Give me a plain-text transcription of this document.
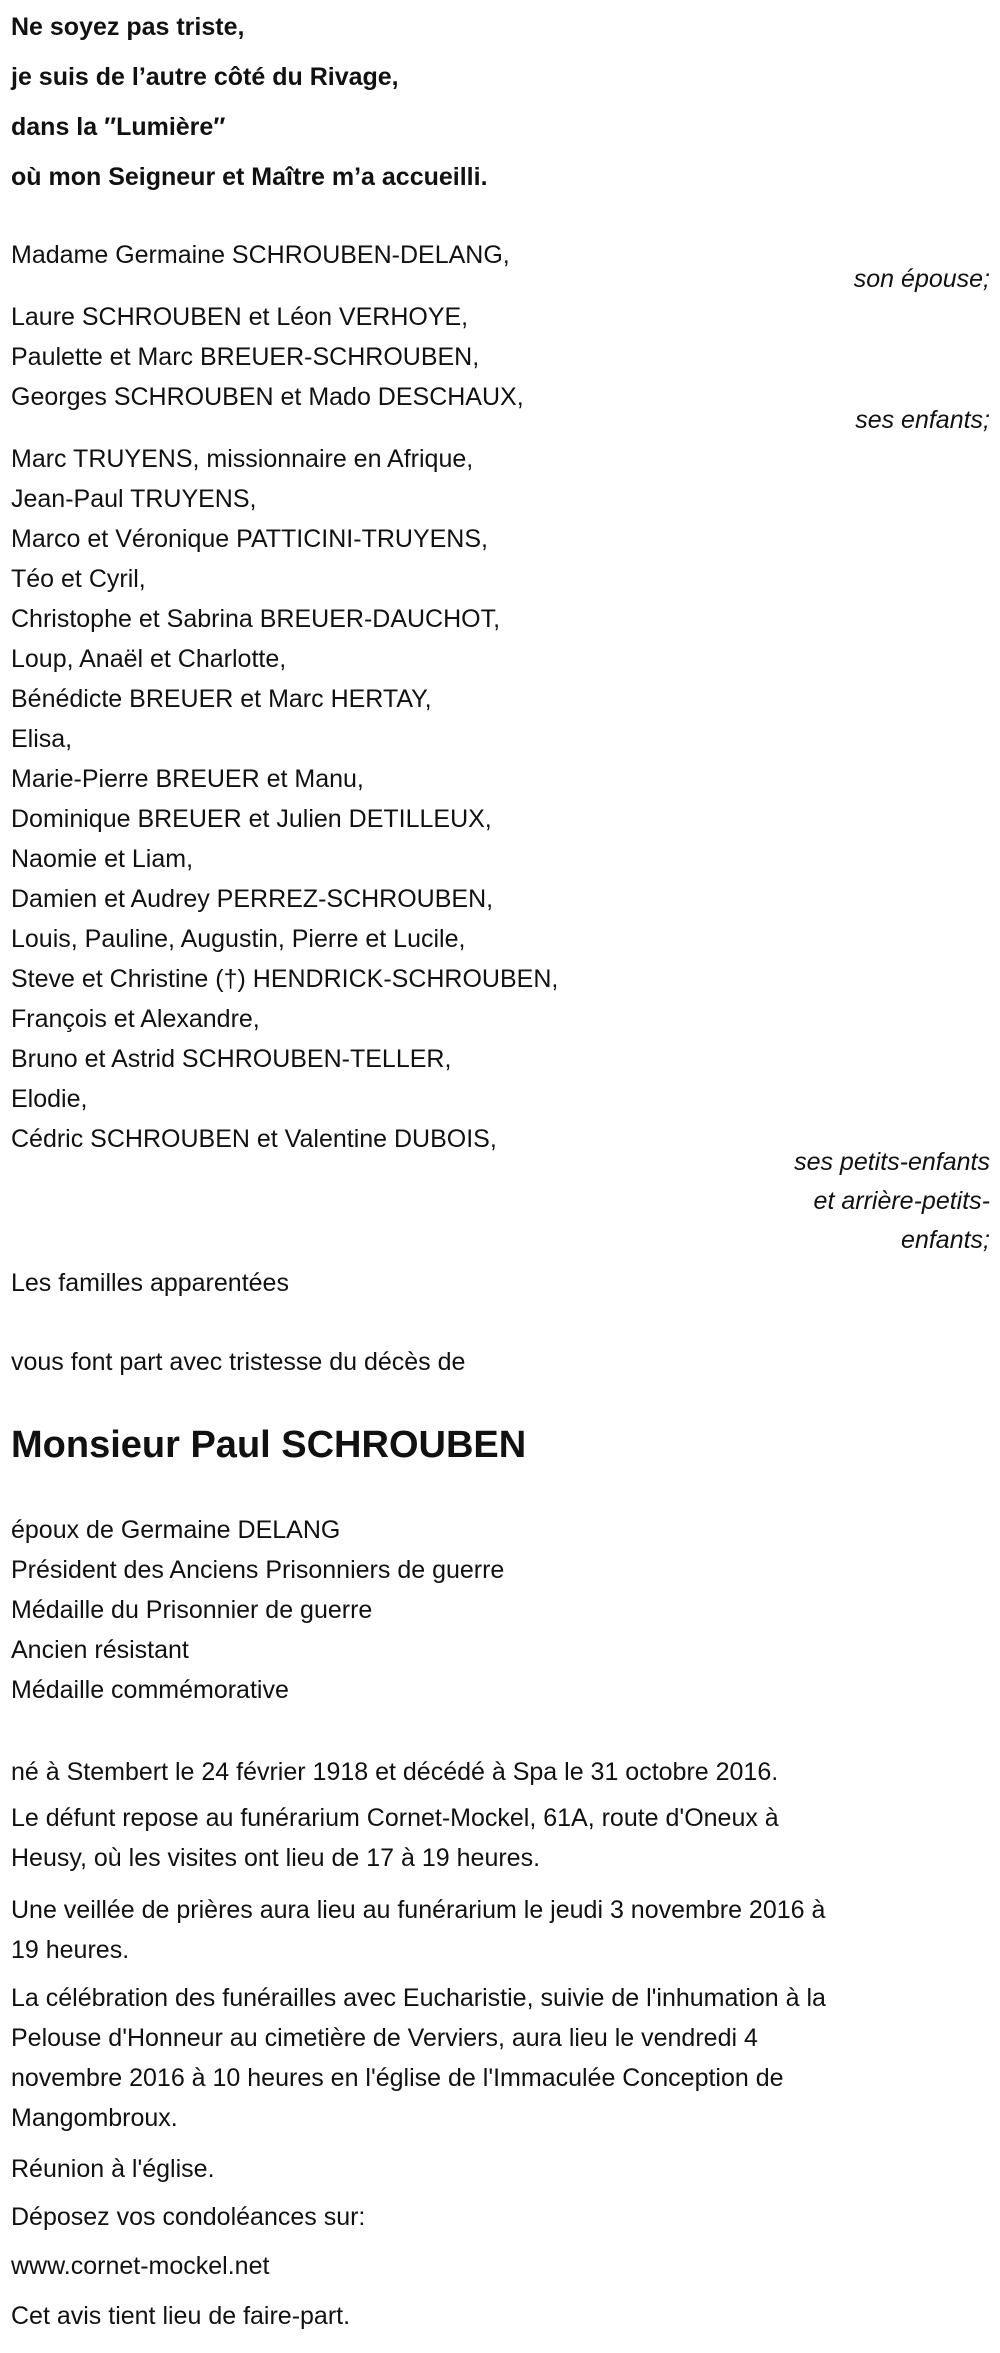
Ne soyez pas triste,
je suis de l’autre côté du Rivage,
dans la ″Lumière″
où mon Seigneur et Maître m’a accueilli.
Madame Germaine SCHROUBEN-DELANG,
son épouse;
Laure SCHROUBEN et Léon VERHOYE,
Paulette et Marc BREUER-SCHROUBEN,
Georges SCHROUBEN et Mado DESCHAUX,
ses enfants;
Marc TRUYENS, missionnaire en Afrique,
Jean-Paul TRUYENS,
Marco et Véronique PATTICINI-TRUYENS,
Téo et Cyril,
Christophe et Sabrina BREUER-DAUCHOT,
Loup, Anaël et Charlotte,
Bénédicte BREUER et Marc HERTAY,
Elisa,
Marie-Pierre BREUER et Manu,
Dominique BREUER et Julien DETILLEUX,
Naomie et Liam,
Damien et Audrey PERREZ-SCHROUBEN,
Louis, Pauline, Augustin, Pierre et Lucile,
Steve et Christine (†) HENDRICK-SCHROUBEN,
François et Alexandre,
Bruno et Astrid SCHROUBEN-TELLER,
Elodie,
Cédric SCHROUBEN et Valentine DUBOIS,
ses petits-enfants
et arrière-petits-
enfants;
Les familles apparentées
vous font part avec tristesse du décès de
Monsieur Paul SCHROUBEN
époux de Germaine DELANG
Président des Anciens Prisonniers de guerre
Médaille du Prisonnier de guerre
Ancien résistant
Médaille commémorative
né à Stembert le 24 février 1918 et décédé à Spa le 31 octobre 2016.
Le défunt repose au funérarium Cornet-Mockel, 61A, route d'Oneux à
Heusy, où les visites ont lieu de 17 à 19 heures.
Une veillée de prières aura lieu au funérarium le jeudi 3 novembre 2016 à
19 heures.
La célébration des funérailles avec Eucharistie, suivie de l'inhumation à la
Pelouse d'Honneur au cimetière de Verviers, aura lieu le vendredi 4
novembre 2016 à 10 heures en l'église de l'Immaculée Conception de
Mangombroux.
Réunion à l'église.
Déposez vos condoléances sur:
www.cornet-mockel.net
Cet avis tient lieu de faire-part.
